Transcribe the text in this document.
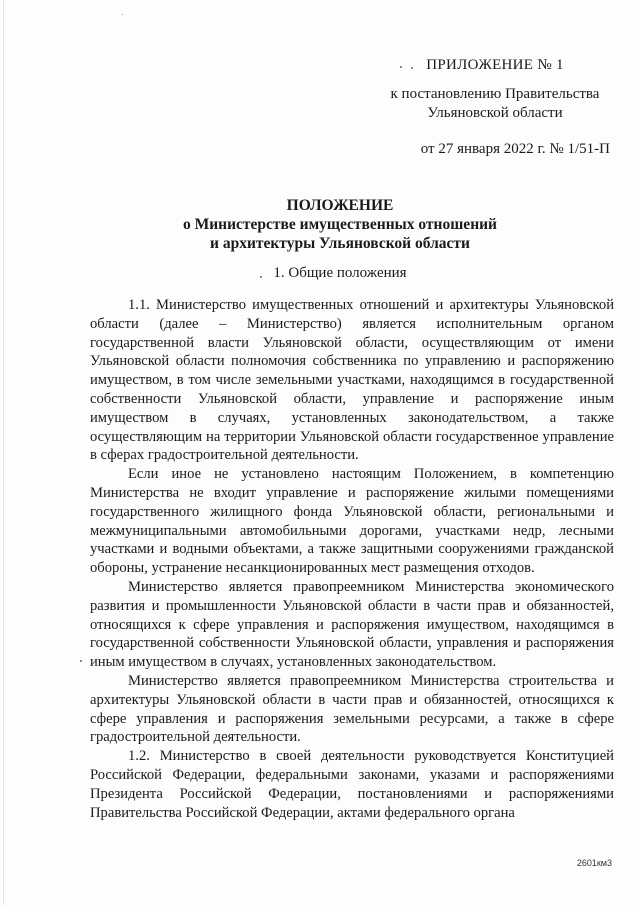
ПРИЛОЖЕНИЕ № 1
к постановлению Правительства
Ульяновской области
от 27 января 2022 г. № 1/51-П
ПОЛОЖЕНИЕ
о Министерстве имущественных отношений
и архитектуры Ульяновской области
1. Общие положения

1.1. Министерство имущественных отношений и архитектуры Ульяновской области (далее – Министерство) является исполнительным органом государственной власти Ульяновской области, осуществляющим от имени Ульяновской области полномочия собственника по управлению и распоряжению имуществом, в том числе земельными участками, находящимся в государственной собственности Ульяновской области, управление и распоряжение иным имуществом в случаях, установленных законодательством, а также осуществляющим на территории Ульяновской области государственное управление в сферах градостроительной деятельности.

Если иное не установлено настоящим Положением, в компетенцию Министерства не входит управление и распоряжение жилыми помещениями государственного жилищного фонда Ульяновской области, региональными и межмуниципальными автомобильными дорогами, участками недр, лесными участками и водными объектами, а также защитными сооружениями гражданской обороны, устранение несанкционированных мест размещения отходов.

Министерство является правопреемником Министерства экономического развития и промышленности Ульяновской области в части прав и обязанностей, относящихся к сфере управления и распоряжения имуществом, находящимся в государственной собственности Ульяновской области, управления и распоряжения иным имуществом в случаях, установленных законодательством.

Министерство является правопреемником Министерства строительства и архитектуры Ульяновской области в части прав и обязанностей, относящихся к сфере управления и распоряжения земельными ресурсами, а также в сфере градостроительной деятельности.

1.2. Министерство в своей деятельности руководствуется Конституцией Российской Федерации, федеральными законами, указами и распоряжениями Президента Российской Федерации, постановлениями и распоряжениями Правительства Российской Федерации, актами федерального органа

2601км3
